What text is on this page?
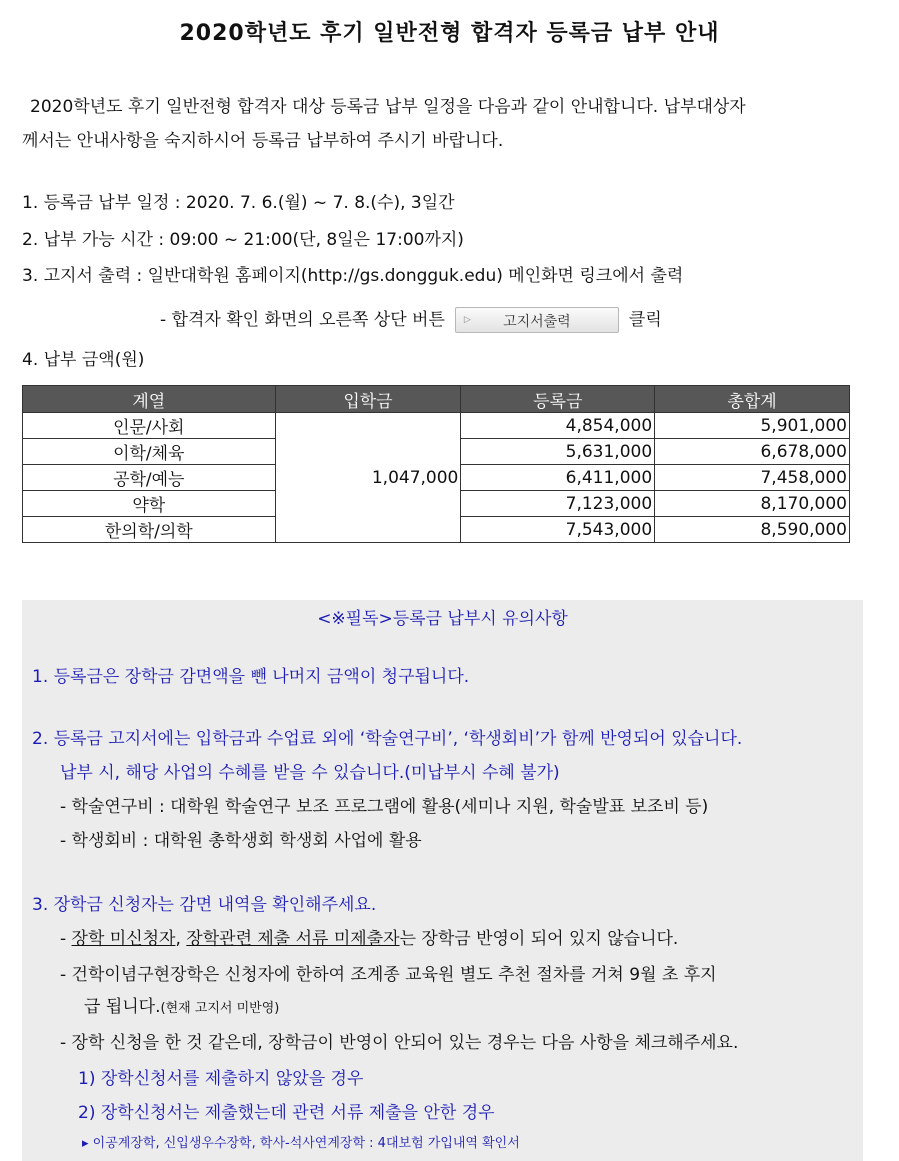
2020학년도 후기 일반전형 합격자 등록금 납부 안내
2020학년도 후기 일반전형 합격자 대상 등록금 납부 일정을 다음과 같이 안내합니다. 납부대상자
께서는 안내사항을 숙지하시어 등록금 납부하여 주시기 바랍니다.
1. 등록금 납부 일정 : 2020. 7. 6.(월) ~ 7. 8.(수), 3일간
2. 납부 가능 시간 : 09:00 ~ 21:00(단, 8일은 17:00까지)
3. 고지서 출력 : 일반대학원 홈페이지(http://gs.dongguk.edu) 메인화면 링크에서 출력
- 합격자 확인 화면의 오른쪽 상단 버튼 ▷	고지서출력	클릭
4. 납부 금액(원)
계열	입학금	등록금	총합계
인문/사회	1,047,000	4,854,000	5,901,000
이학/체육		5,631,000	6,678,000
공학/예능		6,411,000	7,458,000
약학		7,123,000	8,170,000
한의학/의학		7,543,000	8,590,000
<※필독>등록금 납부시 유의사항
1. 등록금은 장학금 감면액을 뺀 나머지 금액이 청구됩니다.
2. 등록금 고지서에는 입학금과 수업료 외에 ‘학술연구비’, ‘학생회비’가 함께 반영되어 있습니다.
납부 시, 해당 사업의 수혜를 받을 수 있습니다.(미납부시 수혜 불가)
- 학술연구비 : 대학원 학술연구 보조 프로그램에 활용(세미나 지원, 학술발표 보조비 등)
- 학생회비 : 대학원 총학생회 학생회 사업에 활용
3. 장학금 신청자는 감면 내역을 확인해주세요.
- 장학 미신청자, 장학관련 제출 서류 미제출자는 장학금 반영이 되어 있지 않습니다.
- 건학이념구현장학은 신청자에 한하여 조계종 교육원 별도 추천 절차를 거쳐 9월 초 후지
급 됩니다.(현재 고지서 미반영)
- 장학 신청을 한 것 같은데, 장학금이 반영이 안되어 있는 경우는 다음 사항을 체크해주세요.
1) 장학신청서를 제출하지 않았을 경우
2) 장학신청서는 제출했는데 관련 서류 제출을 안한 경우
▸ 이공계장학, 신입생우수장학, 학사-석사연계장학 : 4대보험 가입내역 확인서
